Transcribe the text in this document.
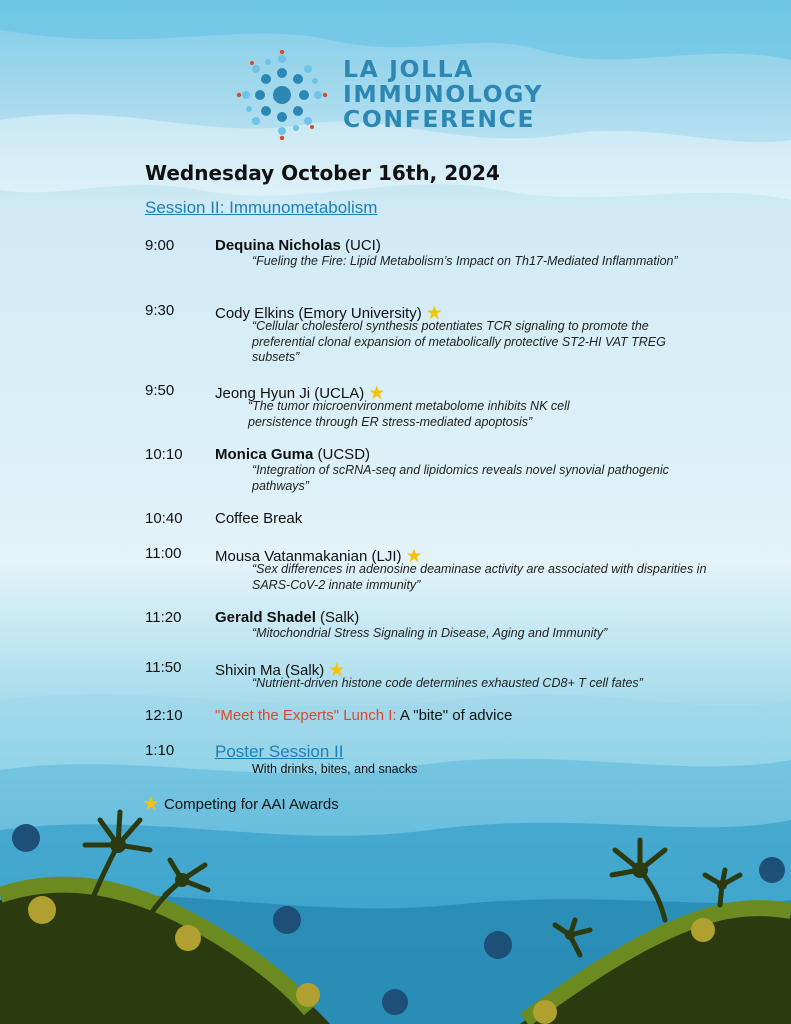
LA JOLLA
IMMUNOLOGY
CONFERENCE
Wednesday October 16th, 2024
Session II: Immunometabolism
9:00	Dequina Nicholas (UCI)
“Fueling the Fire: Lipid Metabolism’s Impact on Th17-Mediated Inflammation”
9:30	Cody Elkins (Emory University) ★
“Cellular cholesterol synthesis potentiates TCR signaling to promote the preferential clonal expansion of metabolically protective ST2-HI VAT TREG subsets”
9:50	Jeong Hyun Ji (UCLA) ★
“The tumor microenvironment metabolome inhibits NK cell persistence through ER stress-mediated apoptosis”
10:10 Monica Guma (UCSD)
“Integration of scRNA-seq and lipidomics reveals novel synovial pathogenic pathways”
10:40 Coffee Break
11:00 Mousa Vatanmakanian (LJI) ★
“Sex differences in adenosine deaminase activity are associated with disparities in SARS-CoV-2 innate immunity”
11:20 Gerald Shadel (Salk)
“Mitochondrial Stress Signaling in Disease, Aging and Immunity”
11:50 Shixin Ma (Salk) ★
“Nutrient-driven histone code determines exhausted CD8+ T cell fates”
12:10 "Meet the Experts" Lunch I: A "bite" of advice
1:10 Poster Session II
With drinks, bites, and snacks
★ Competing for AAI Awards
